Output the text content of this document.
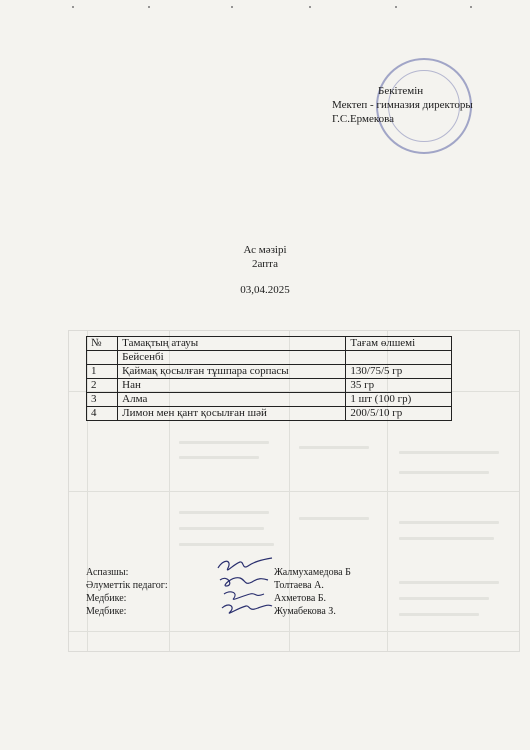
Бекітемін
Мектеп - гимназия директоры
Г.С.Ермекова
Ас мәзірі
2апта
03,04.2025
№	Тамақтың атауы	Тағам өлшемі
	Бейсенбі	
1	Қаймақ қосылған тұшпара сорпасы	130/75/5 гр
2	Нан	35 гр
3	Алма	1 шт (100 гр)
4	Лимон мен қант қосылған шәй	200/5/10 гр
Аспазшы:	Жалмухамедова Б
Әлуметтік педагог:	Толтаева А.
Медбике:	Ахметова Б.
Медбике:	Жумабекова З.
